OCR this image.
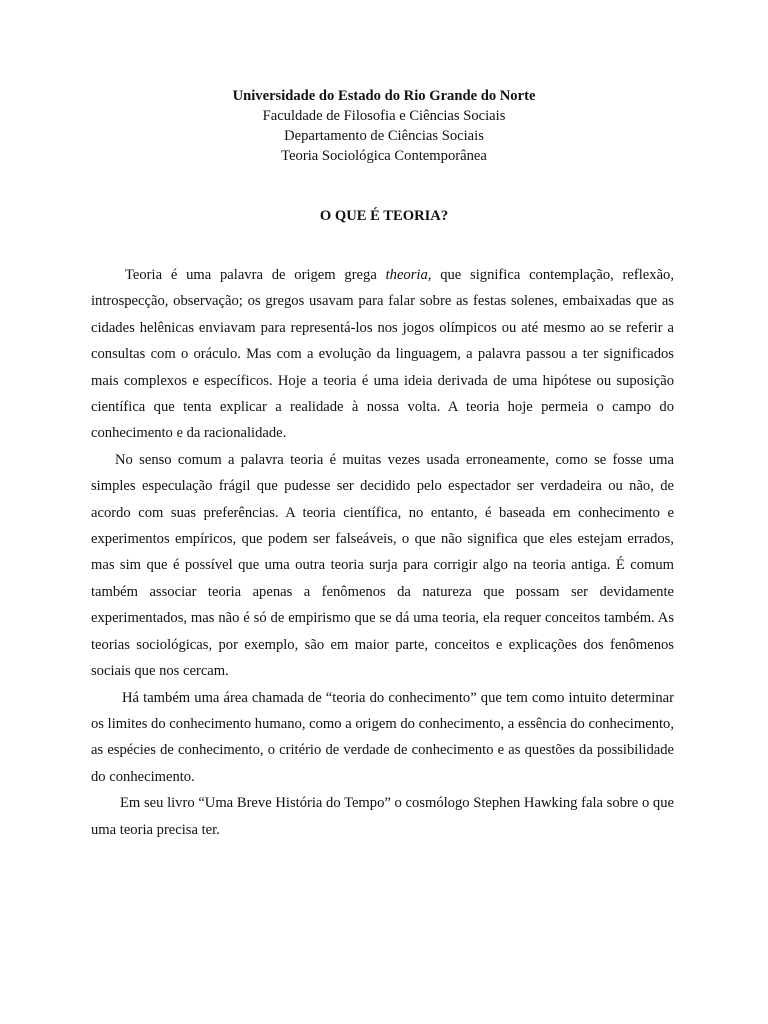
Universidade do Estado do Rio Grande do Norte
Faculdade de Filosofia e Ciências Sociais
Departamento de Ciências Sociais
Teoria Sociológica Contemporânea
O QUE É TEORIA?

Teoria é uma palavra de origem grega theoria, que significa contemplação, reflexão, introspecção, observação; os gregos usavam para falar sobre as festas solenes, embaixadas que as cidades helênicas enviavam para representá-los nos jogos olímpicos ou até mesmo ao se referir a consultas com o oráculo. Mas com a evolução da linguagem, a palavra passou a ter significados mais complexos e específicos. Hoje a teoria é uma ideia derivada de uma hipótese ou suposição científica que tenta explicar a realidade à nossa volta. A teoria hoje permeia o campo do conhecimento e da racionalidade.

No senso comum a palavra teoria é muitas vezes usada erroneamente, como se fosse uma simples especulação frágil que pudesse ser decidido pelo espectador ser verdadeira ou não, de acordo com suas preferências. A teoria científica, no entanto, é baseada em conhecimento e experimentos empíricos, que podem ser falseáveis, o que não significa que eles estejam errados, mas sim que é possível que uma outra teoria surja para corrigir algo na teoria antiga. É comum também associar teoria apenas a fenômenos da natureza que possam ser devidamente experimentados, mas não é só de empirismo que se dá uma teoria, ela requer conceitos também. As teorias sociológicas, por exemplo, são em maior parte, conceitos e explicações dos fenômenos sociais que nos cercam.

Há também uma área chamada de “teoria do conhecimento” que tem como intuito determinar os limites do conhecimento humano, como a origem do conhecimento, a essência do conhecimento, as espécies de conhecimento, o critério de verdade de conhecimento e as questões da possibilidade do conhecimento.

Em seu livro “Uma Breve História do Tempo” o cosmólogo Stephen Hawking fala sobre o que uma teoria precisa ter.
